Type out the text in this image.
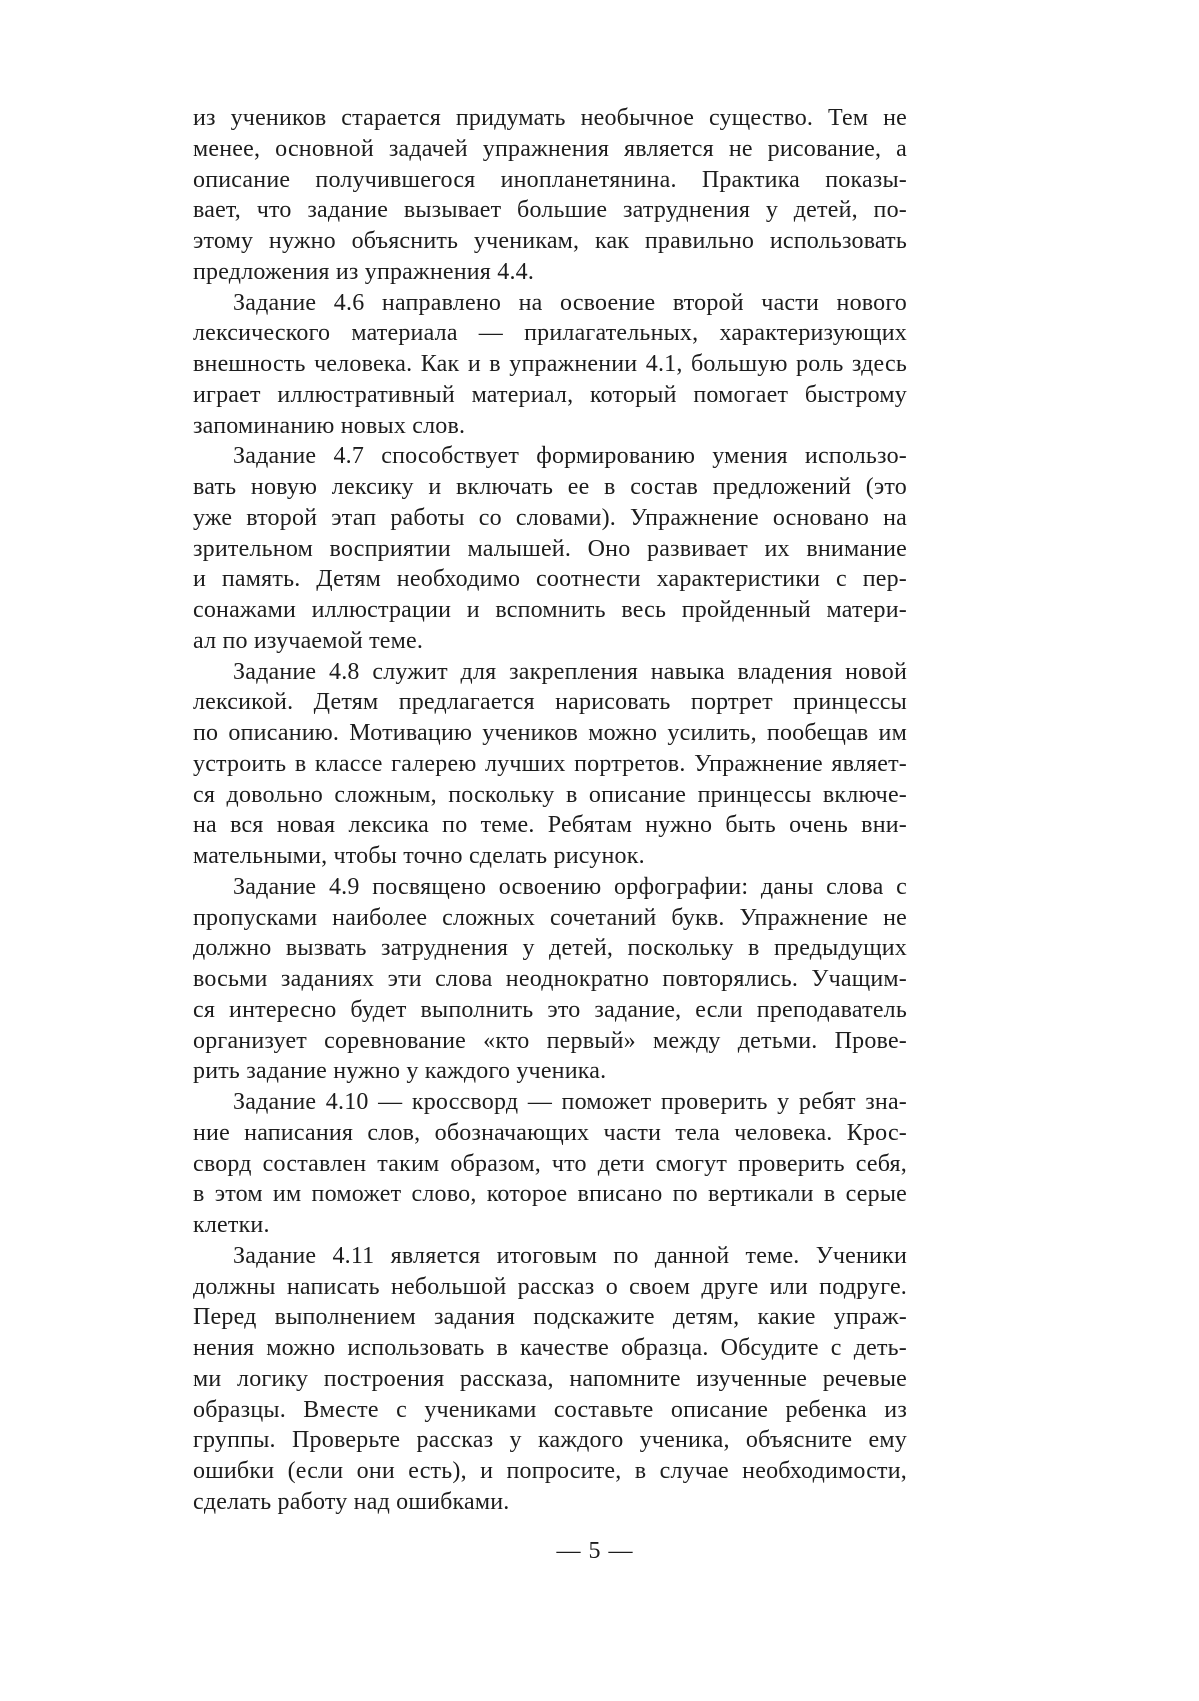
из учеников старается придумать необычное существо. Тем не
менее, основной задачей упражнения является не рисование, а
описание получившегося инопланетянина. Практика показы-
вает, что задание вызывает большие затруднения у детей, по-
этому нужно объяснить ученикам, как правильно использовать
предложения из упражнения 4.4.
Задание 4.6 направлено на освоение второй части нового
лексического материала — прилагательных, характеризующих
внешность человека. Как и в упражнении 4.1, большую роль здесь
играет иллюстративный материал, который помогает быстрому
запоминанию новых слов.
Задание 4.7 способствует формированию умения использо-
вать новую лексику и включать ее в состав предложений (это
уже второй этап работы со словами). Упражнение основано на
зрительном восприятии малышей. Оно развивает их внимание
и память. Детям необходимо соотнести характеристики с пер-
сонажами иллюстрации и вспомнить весь пройденный матери-
ал по изучаемой теме.
Задание 4.8 служит для закрепления навыка владения новой
лексикой. Детям предлагается нарисовать портрет принцессы
по описанию. Мотивацию учеников можно усилить, пообещав им
устроить в классе галерею лучших портретов. Упражнение являет-
ся довольно сложным, поскольку в описание принцессы включе-
на вся новая лексика по теме. Ребятам нужно быть очень вни-
мательными, чтобы точно сделать рисунок.
Задание 4.9 посвящено освоению орфографии: даны слова с
пропусками наиболее сложных сочетаний букв. Упражнение не
должно вызвать затруднения у детей, поскольку в предыдущих
восьми заданиях эти слова неоднократно повторялись. Учащим-
ся интересно будет выполнить это задание, если преподаватель
организует соревнование «кто первый» между детьми. Прове-
рить задание нужно у каждого ученика.
Задание 4.10 — кроссворд — поможет проверить у ребят зна-
ние написания слов, обозначающих части тела человека. Крос-
сворд составлен таким образом, что дети смогут проверить себя,
в этом им поможет слово, которое вписано по вертикали в серые
клетки.
Задание 4.11 является итоговым по данной теме. Ученики
должны написать небольшой рассказ о своем друге или подруге.
Перед выполнением задания подскажите детям, какие упраж-
нения можно использовать в качестве образца. Обсудите с деть-
ми логику построения рассказа, напомните изученные речевые
образцы. Вместе с учениками составьте описание ребенка из
группы. Проверьте рассказ у каждого ученика, объясните ему
ошибки (если они есть), и попросите, в случае необходимости,
сделать работу над ошибками.
— 5 —
